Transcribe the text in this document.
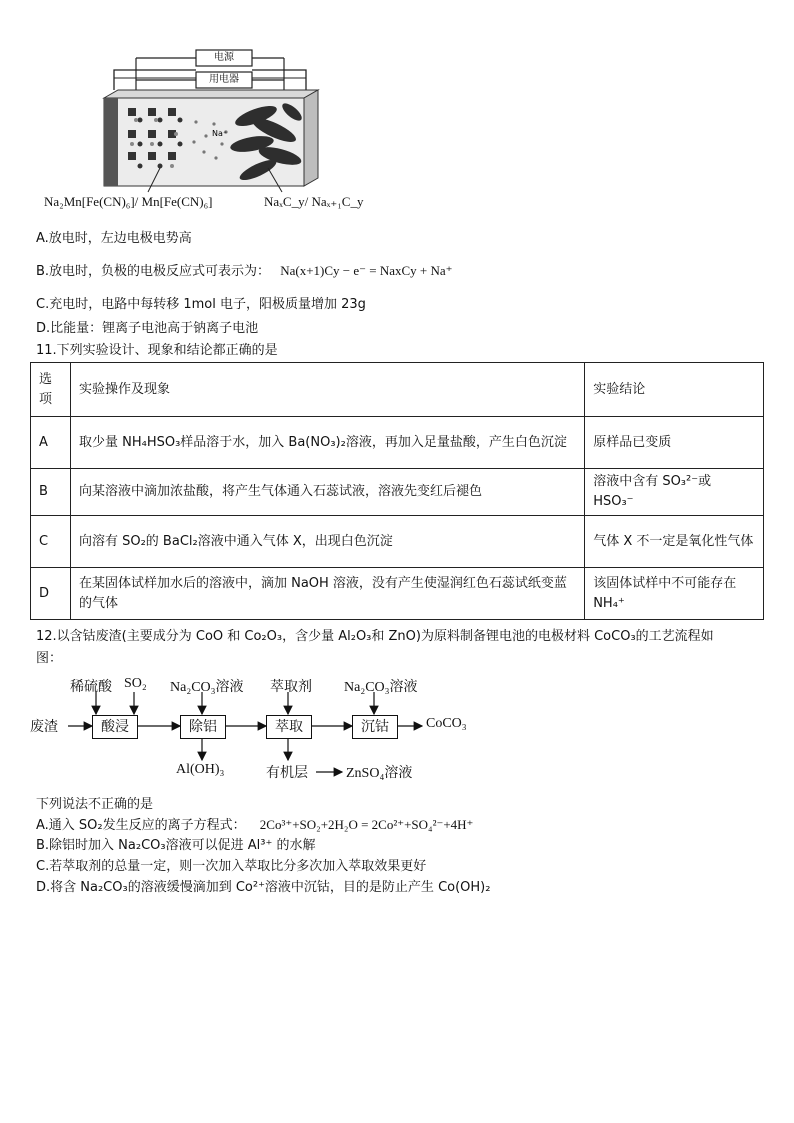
Na⁺
电源
用电器
Na₂Mn[Fe(CN)₆]/ Mn[Fe(CN)₆]	NaₓC_y/ Naₓ₊₁C_y
A.放电时，左边电极电势高
B.放电时，负极的电极反应式可表示为： Na(x+1)Cy − e⁻ = NaxCy + Na⁺
C.充电时，电路中每转移 1mol 电子，阳极质量增加 23g
D.比能量：锂离子电池高于钠离子电池
11.下列实验设计、现象和结论都正确的是
选项	实验操作及现象	实验结论
A	取少量 NH₄HSO₃样品溶于水，加入 Ba(NO₃)₂溶液，再加入足量盐酸，产生白色沉淀	原样品已变质
B	向某溶液中滴加浓盐酸，将产生气体通入石蕊试液，溶液先变红后褪色	溶液中含有 SO₃²⁻或 HSO₃⁻
C	向溶有 SO₂的 BaCl₂溶液中通入气体 X，出现白色沉淀	气体 X 不一定是氧化性气体
D	在某固体试样加水后的溶液中，滴加 NaOH 溶液，没有产生使湿润红色石蕊试纸变蓝的气体	该固体试样中不可能存在 NH₄⁺
12.以含钴废渣(主要成分为 CoO 和 Co₂O₃，含少量 Al₂O₃和 ZnO)为原料制备锂电池的电极材料 CoCO₃的工艺流程如
图：
废渣
稀硫酸 SO₂
酸浸
Na₂CO₃溶液
除铝
Al(OH)₃
萃取剂
萃取
有机层	ZnSO₄溶液
Na₂CO₃溶液
沉钴	CoCO₃
下列说法不正确的是
A.通入 SO₂发生反应的离子方程式： 2Co³⁺+SO₂+2H₂O = 2Co²⁺+SO₄²⁻+4H⁺
B.除铝时加入 Na₂CO₃溶液可以促进 Al³⁺ 的水解
C.若萃取剂的总量一定，则一次加入萃取比分多次加入萃取效果更好
D.将含 Na₂CO₃的溶液缓慢滴加到 Co²⁺溶液中沉钴，目的是防止产生 Co(OH)₂
